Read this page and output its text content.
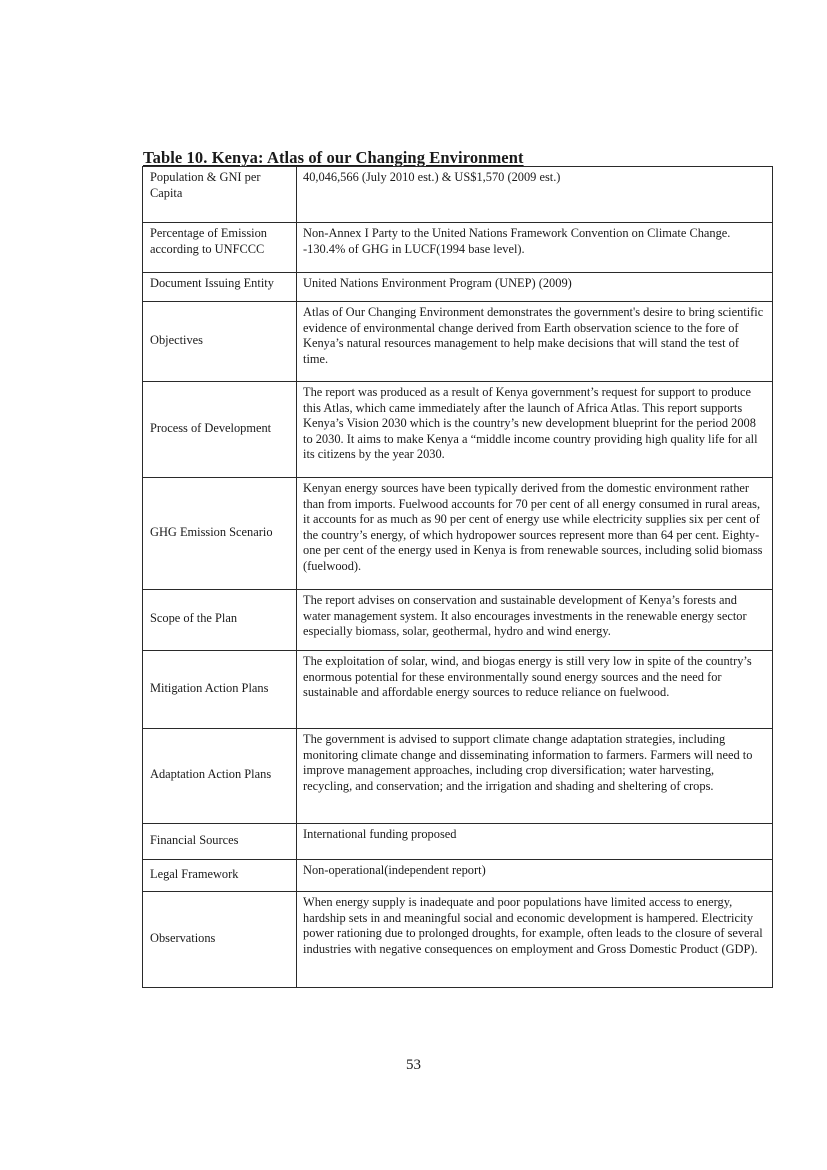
Table 10. Kenya: Atlas of our Changing Environment
Population & GNI per Capita	40,046,566 (July 2010 est.) & US$1,570 (2009 est.)
Percentage of Emission according to UNFCCC	Non-Annex I Party to the United Nations Framework Convention on Climate Change. -130.4% of GHG in LUCF(1994 base level).
Document Issuing Entity	United Nations Environment Program (UNEP) (2009)
Objectives	Atlas of Our Changing Environment demonstrates the government's desire to bring scientific evidence of environmental change derived from Earth observation science to the fore of Kenya’s natural resources management to help make decisions that will stand the test of time.
Process of Development	The report was produced as a result of Kenya government’s request for support to produce this Atlas, which came immediately after the launch of Africa Atlas. This report supports Kenya’s Vision 2030 which is the country’s new development blueprint for the period 2008 to 2030. It aims to make Kenya a “middle income country providing high quality life for all its citizens by the year 2030.
GHG Emission Scenario	Kenyan energy sources have been typically derived from the domestic environment rather than from imports. Fuelwood accounts for 70 per cent of all energy consumed in rural areas, it accounts for as much as 90 per cent of energy use while electricity supplies six per cent of the country’s energy, of which hydropower sources represent more than 64 per cent. Eighty-one per cent of the energy used in Kenya is from renewable sources, including solid biomass (fuelwood).
Scope of the Plan	The report advises on conservation and sustainable development of Kenya’s forests and water management system. It also encourages investments in the renewable energy sector especially biomass, solar, geothermal, hydro and wind energy.
Mitigation Action Plans	The exploitation of solar, wind, and biogas energy is still very low in spite of the country’s enormous potential for these environmentally sound energy sources and the need for sustainable and affordable energy sources to reduce reliance on fuelwood.
Adaptation Action Plans	The government is advised to support climate change adaptation strategies, including monitoring climate change and disseminating information to farmers. Farmers will need to improve management approaches, including crop diversification; water harvesting, recycling, and conservation; and the irrigation and shading and sheltering of crops.
Financial Sources	International funding proposed
Legal Framework	Non-operational(independent report)
Observations	When energy supply is inadequate and poor populations have limited access to energy, hardship sets in and meaningful social and economic development is hampered. Electricity power rationing due to prolonged droughts, for example, often leads to the closure of several industries with negative consequences on employment and Gross Domestic Product (GDP).
53
